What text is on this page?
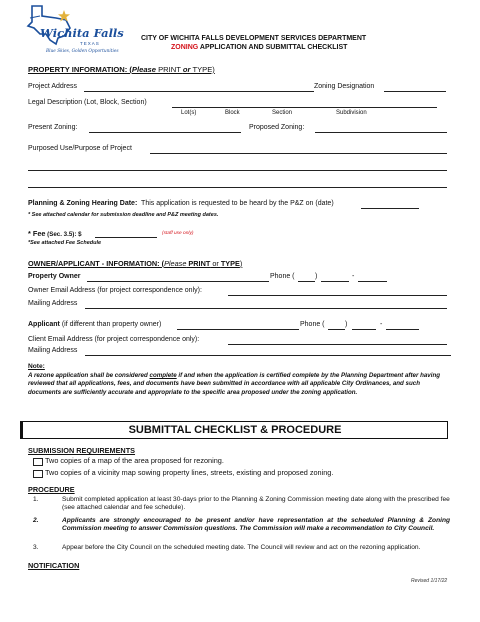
Wichita Falls
TEXAS
Blue Skies, Golden Opportunities
CITY OF WICHITA FALLS DEVELOPMENT SERVICES DEPARTMENT
ZONING APPLICATION AND SUBMITTAL CHECKLIST
PROPERTY INFORMATION: (Please PRINT or TYPE)
Project Address	Zoning Designation
Legal Description (Lot, Block, Section)
Lot(s)	Block	Section	Subdivision
Present Zoning:	Proposed Zoning:
Purposed Use/Purpose of Project
Planning & Zoning Hearing Date: This application is requested to be heard by the P&Z on (date)
* See attached calendar for submission deadline and P&Z meeting dates.
* Fee (Sec. 3.5): $	(staff use only)
*See attached Fee Schedule
OWNER/APPLICANT - INFORMATION: (Please PRINT or TYPE)
Property Owner	Phone (	)	-
Owner Email Address (for project correspondence only):
Mailing Address
Applicant (if different than property owner)	Phone (	)	-
Client Email Address (for project correspondence only):
Mailing Address
Note:
A rezone application shall be considered complete if and when the application is certified complete by the Planning Department after having reviewed that all applications, fees, and documents have been submitted in accordance with all applicable City Ordinances, and such documents are sufficiently accurate and appropriate to the specific area proposed under the zoning application.
SUBMITTAL CHECKLIST & PROCEDURE
SUBMISSION REQUIREMENTS
Two copies of a map of the area proposed for rezoning.
Two copies of a vicinity map sowing property lines, streets, existing and proposed zoning.
PROCEDURE
1.	Submit completed application at least 30-days prior to the Planning & Zoning Commission meeting date along with the prescribed fee (see attached calendar and fee schedule).
2.	Applicants are strongly encouraged to be present and/or have representation at the scheduled Planning & Zoning Commission meeting to answer Commission questions. The Commission will make a recommendation to City Council.
3.	Appear before the City Council on the scheduled meeting date. The Council will review and act on the rezoning application.
NOTIFICATION
Revised 1/17/22
